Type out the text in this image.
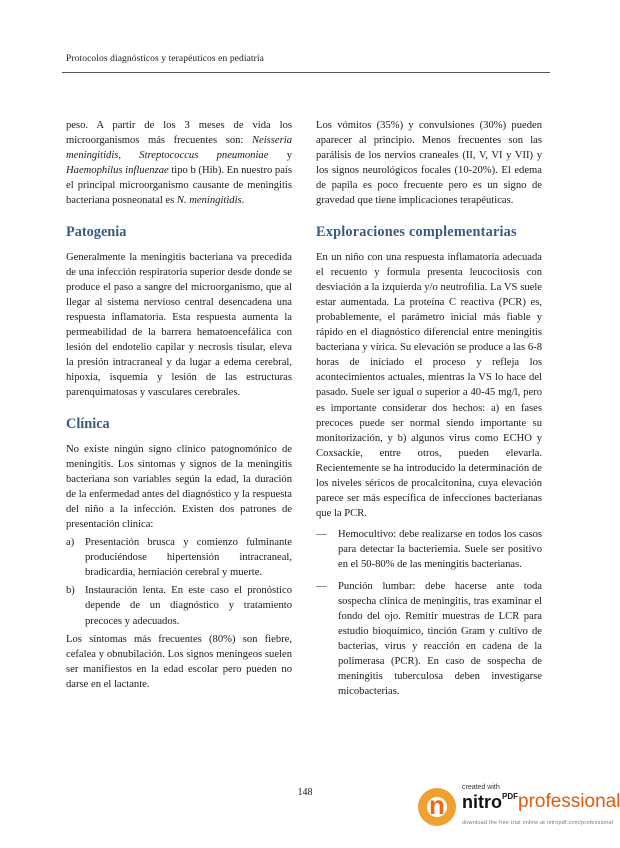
Protocolos diagnósticos y terapéuticos en pediatría

peso. A partir de los 3 meses de vida los microorganismos más frecuentes son: Neisseria meningitidis, Streptococcus pneumoniae y Haemophilus influenzae tipo b (Hib). En nuestro país el principal microorganismo causante de meningitis bacteriana posneonatal es N. meningitidis.

Patogenia

Generalmente la meningitis bacteriana va precedida de una infección respiratoria superior desde donde se produce el paso a sangre del microorganismo, que al llegar al sistema nervioso central desencadena una respuesta inflamatoria. Esta respuesta aumenta la permeabilidad de la barrera hematoencefálica con lesión del endotelio capilar y necrosis tisular, eleva la presión intracraneal y da lugar a edema cerebral, hipoxia, isquemia y lesión de las estructuras parenquimatosas y vasculares cerebrales.

Clínica

No existe ningún signo clínico patognomónico de meningitis. Los síntomas y signos de la meningitis bacteriana son variables según la edad, la duración de la enfermedad antes del diagnóstico y la respuesta del niño a la infección. Existen dos patrones de presentación clínica:

a) Presentación brusca y comienzo fulminante produciéndose hipertensión intracraneal, bradicardia, herniación cerebral y muerte.
b) Instauración lenta. En este caso el pronóstico depende de un diagnóstico y tratamiento precoces y adecuados.

Los síntomas más frecuentes (80%) son fiebre, cefalea y obnubilación. Los signos meníngeos suelen ser manifiestos en la edad escolar pero pueden no darse en el lactante.

Los vómitos (35%) y convulsiones (30%) pueden aparecer al principio. Menos frecuentes son las parálisis de los nervios craneales (II, V, VI y VII) y los signos neurológicos focales (10-20%). El edema de papila es poco frecuente pero es un signo de gravedad que tiene implicaciones terapéuticas.

Exploraciones complementarias

En un niño con una respuesta inflamatoria adecuada el recuento y formula presenta leucocitosis con desviación a la izquierda y/o neutrofilia. La VS suele estar aumentada. La proteína C reactiva (PCR) es, probablemente, el parámetro inicial más fiable y rápido en el diagnóstico diferencial entre meningitis bacteriana y vírica. Su elevación se produce a las 6-8 horas de iniciado el proceso y refleja los acontecimientos actuales, mientras la VS lo hace del pasado. Suele ser igual o superior a 40-45 mg/l, pero es importante considerar dos hechos: a) en fases precoces puede ser normal siendo importante su monitorización, y b) algunos virus como ECHO y Coxsackie, entre otros, pueden elevarla. Recientemente se ha introducido la determinación de los niveles séricos de procalcitonina, cuya elevación parece ser más específica de infecciones bacterianas que la PCR.

— Hemocultivo: debe realizarse en todos los casos para detectar la bacteriemia. Suele ser positivo en el 50-80% de las meningitis bacterianas.
— Punción lumbar: debe hacerse ante toda sospecha clínica de meningitis, tras examinar el fondo del ojo. Remitir muestras de LCR para estudio bioquímico, tinción Gram y cultivo de bacterias, virus y reacción en cadena de la polimerasa (PCR). En caso de sospecha de meningitis tuberculosa deben investigarse micobacterias.
148	n
created with
nitro$^{PDF}$ professional
download the free trial online at nitropdf.com/professional
